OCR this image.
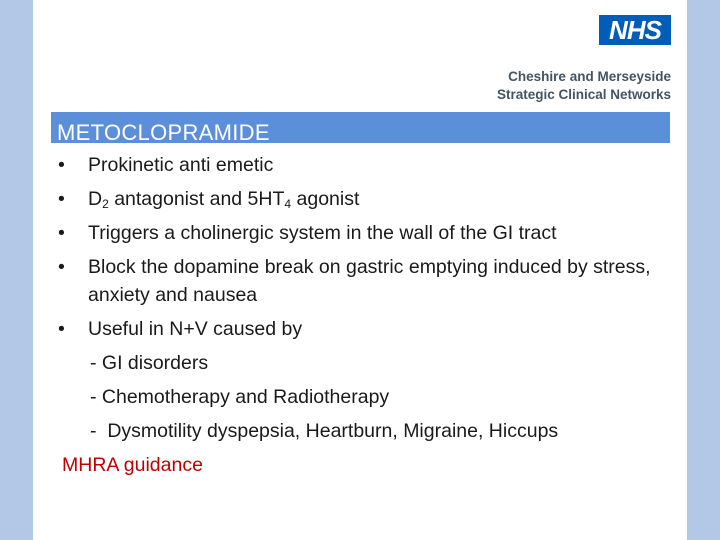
NHS
Cheshire and Merseyside
Strategic Clinical Networks
METOCLOPRAMIDE
• Prokinetic anti emetic
• $D_2$ antagonist and $5HT_4$ agonist
• Triggers a cholinergic system in the wall of the GI tract
• Block the dopamine break on gastric emptying induced by stress, anxiety and nausea
• Useful in N+V caused by
- GI disorders
- Chemotherapy and Radiotherapy
-  Dysmotility dyspepsia, Heartburn, Migraine, Hiccups
MHRA guidance
